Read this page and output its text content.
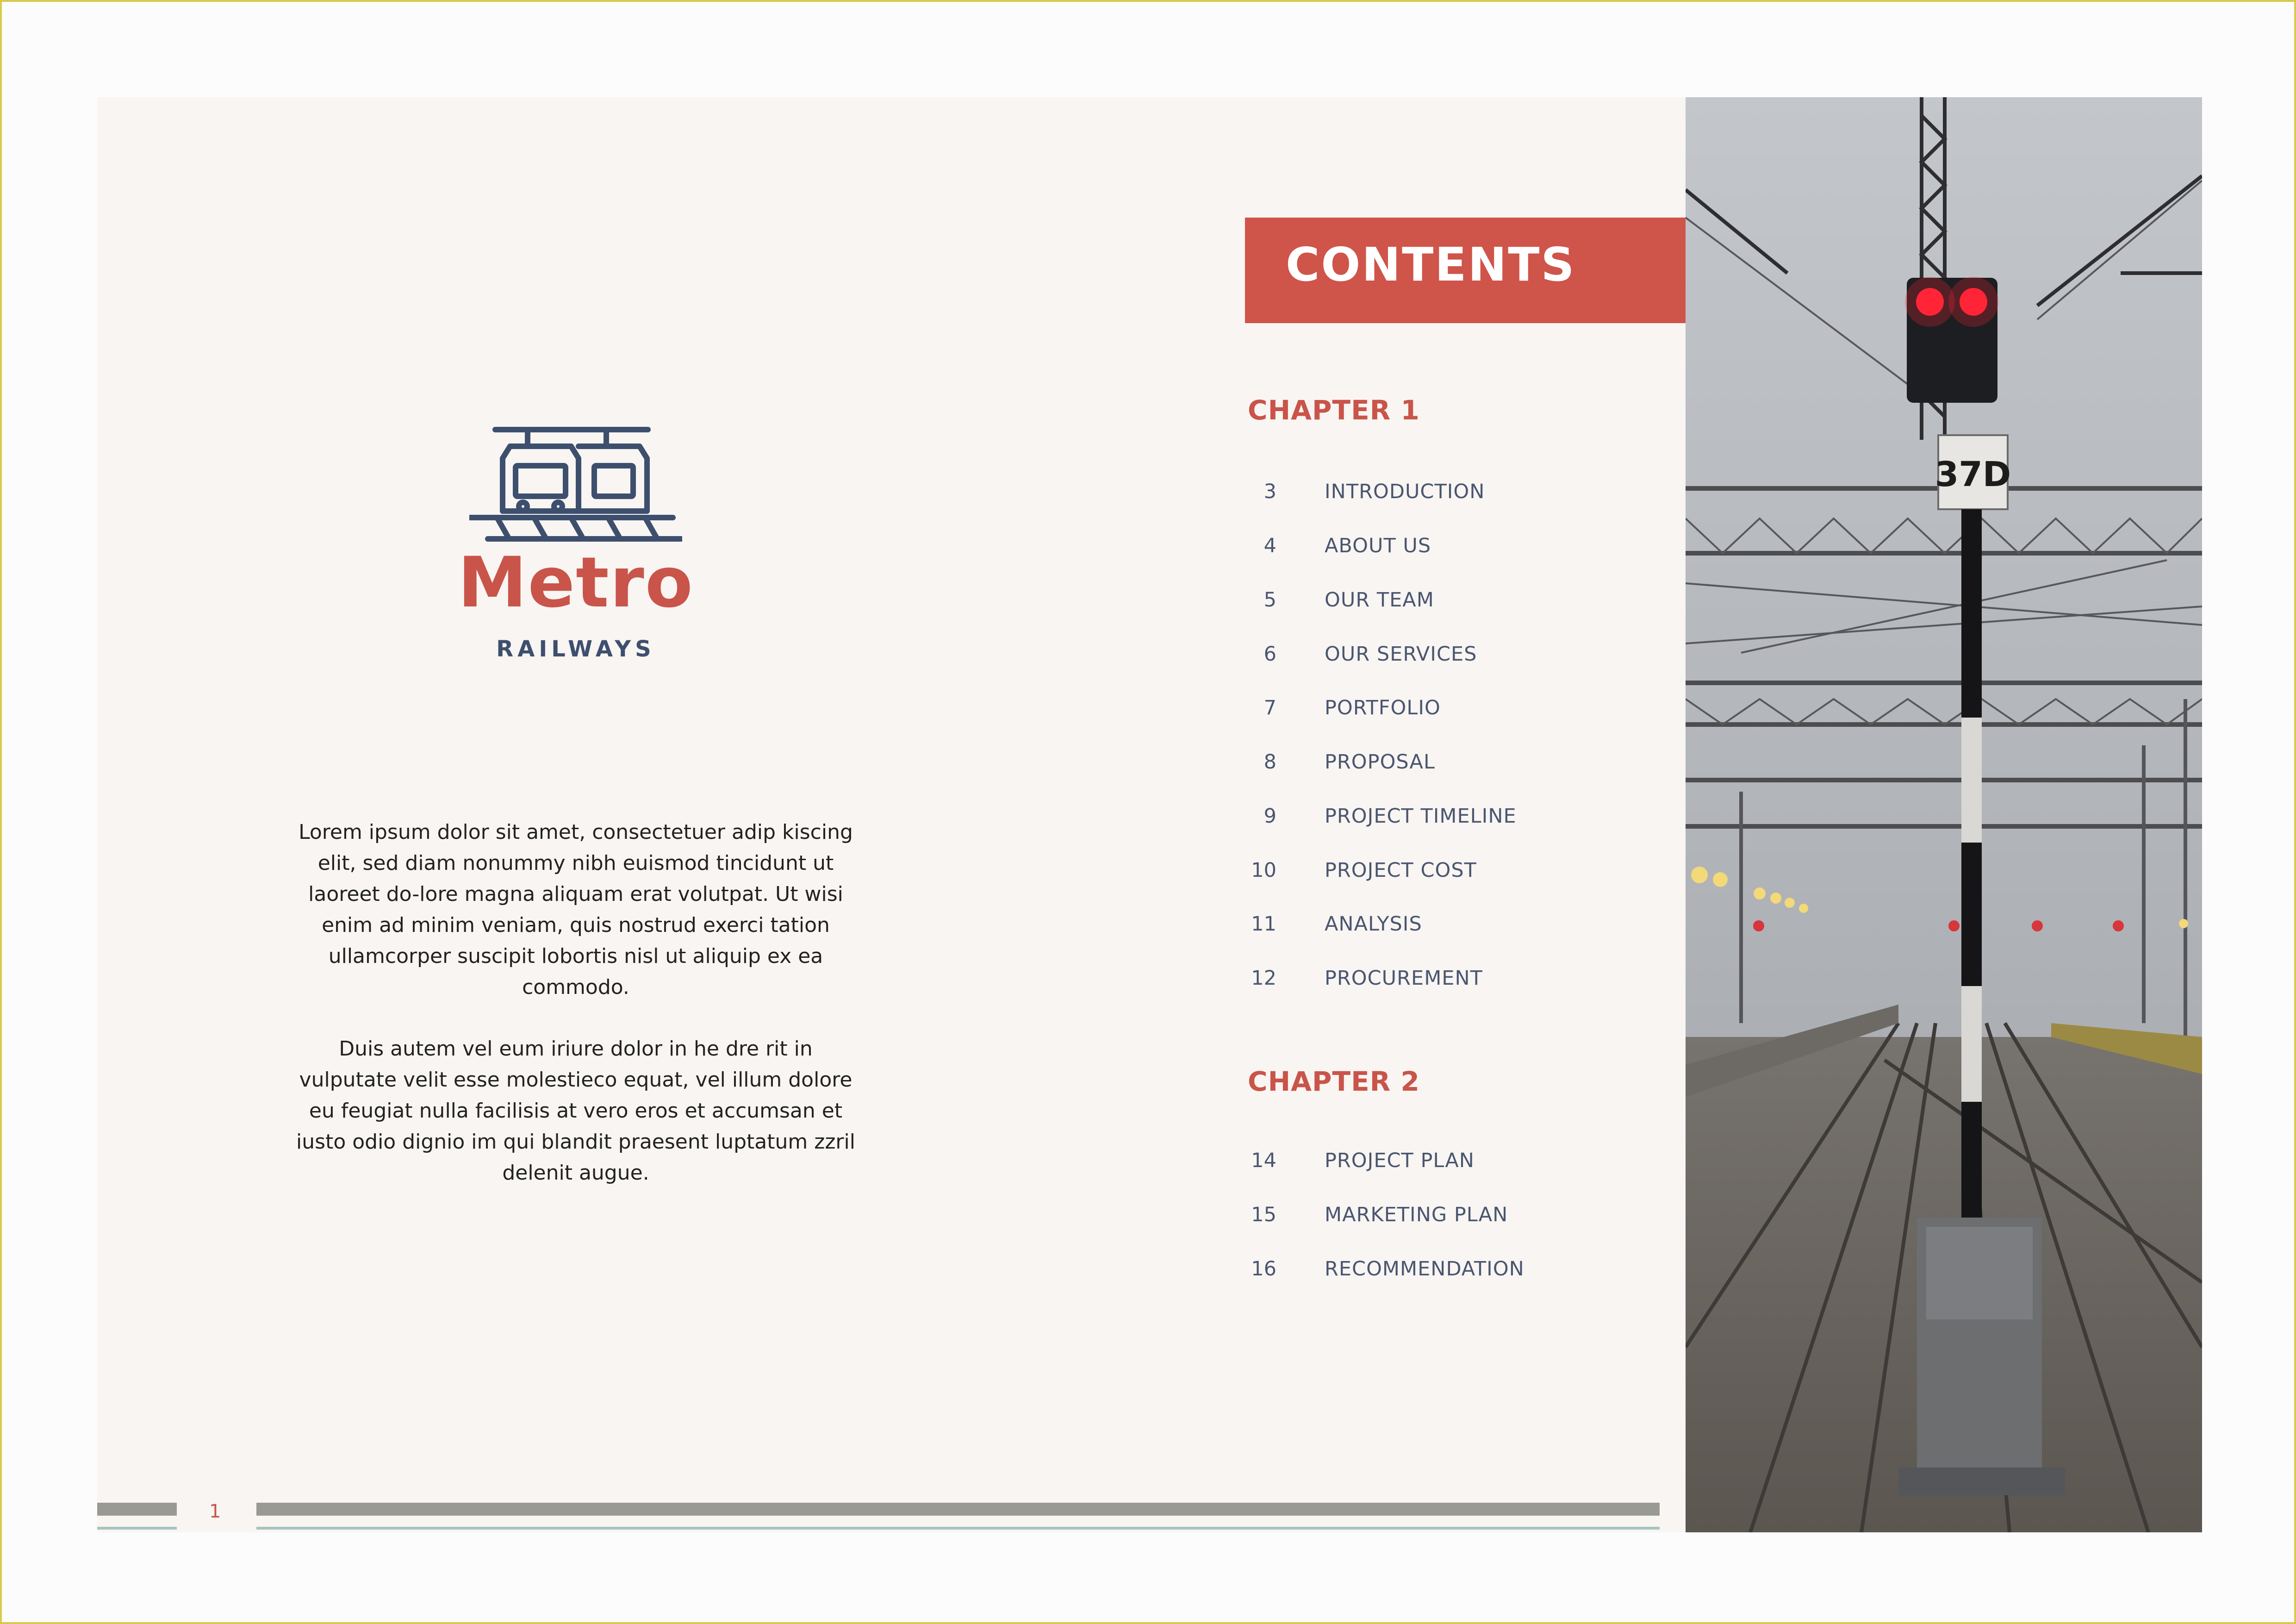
Metro
RAILWAYS

Lorem ipsum dolor sit amet, consectetuer adip kiscing elit, sed diam nonummy nibh euismod tincidunt ut laoreet do-lore magna aliquam erat volutpat. Ut wisi enim ad minim veniam, quis nostrud exerci tation ullamcorper suscipit lobortis nisl ut aliquip ex ea commodo.

Duis autem vel eum iriure dolor in he dre rit in vulputate velit esse molestieco equat, vel illum dolore eu feugiat nulla facilisis at vero eros et accumsan et iusto odio dignio im qui blandit praesent luptatum zzril delenit augue.

CONTENTS
CHAPTER 1
3 INTRODUCTION
4 ABOUT US
5 OUR TEAM
6 OUR SERVICES
7 PORTFOLIO
8 PROPOSAL
9 PROJECT TIMELINE
10 PROJECT COST
11 ANALYSIS
12 PROCUREMENT
CHAPTER 2
14 PROJECT PLAN
15 MARKETING PLAN
16 RECOMMENDATION
37D
1
